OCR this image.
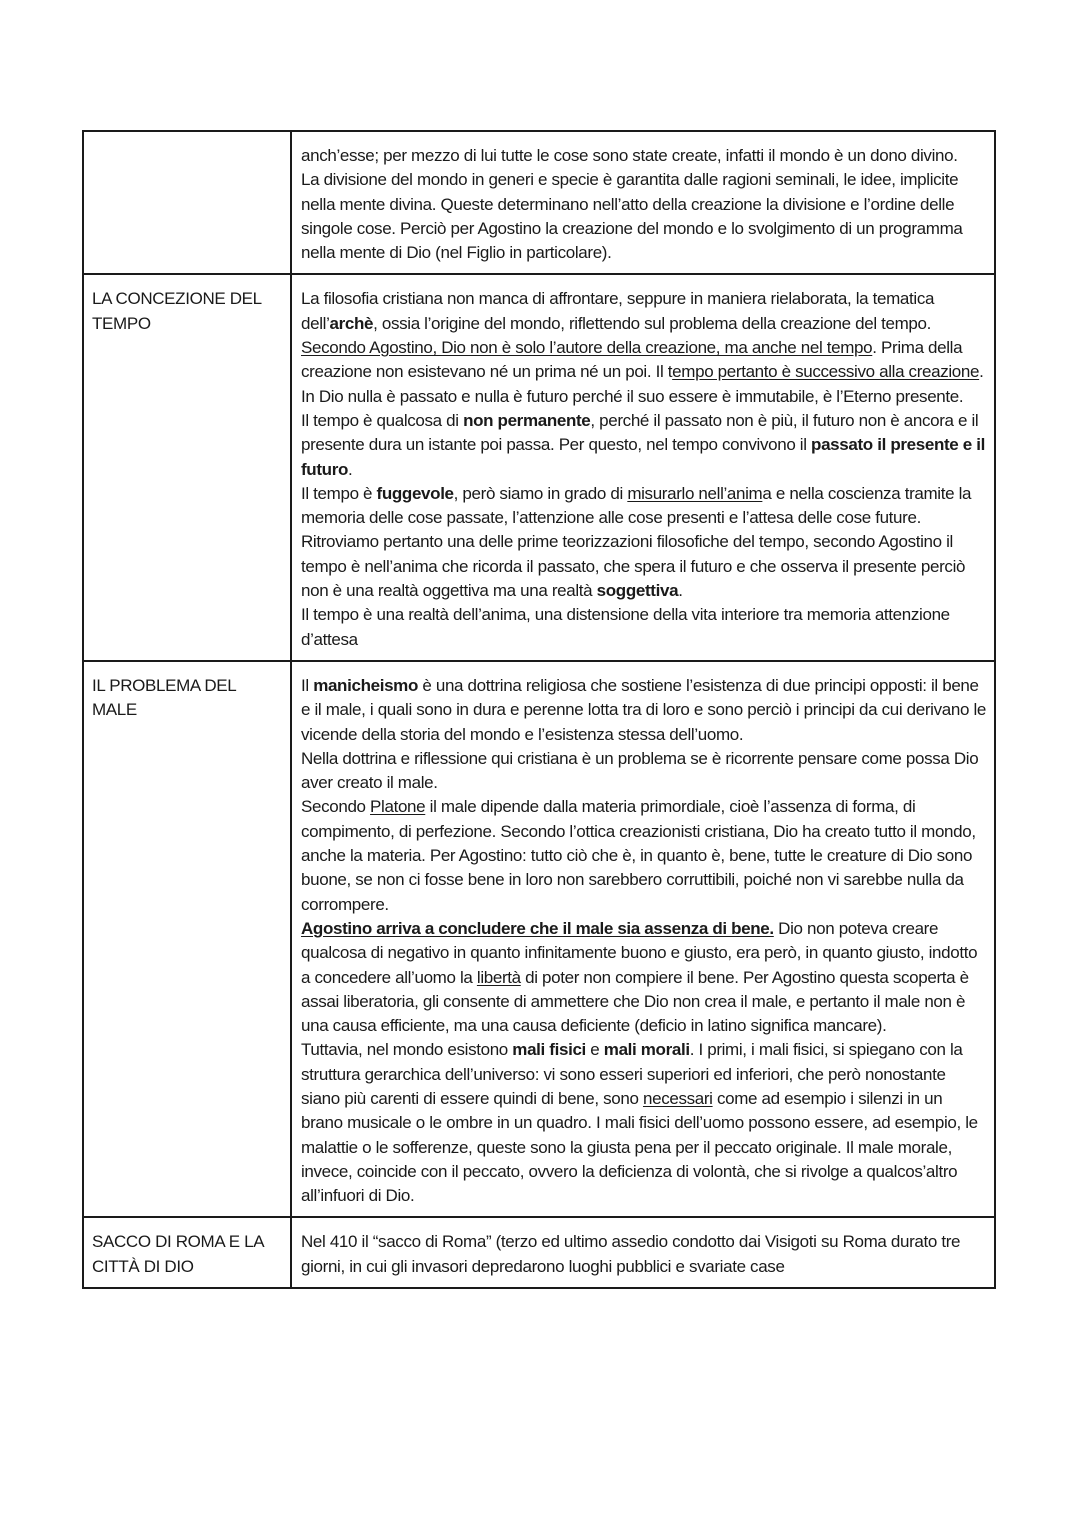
	anch’esse; per mezzo di lui tutte le cose sono state create, infatti il mondo è un dono divino.

La divisione del mondo in generi e specie è garantita dalle ragioni seminali, le idee, implicite nella mente divina. Queste determinano nell’atto della creazione la divisione e l’ordine delle singole cose. Perciò per Agostino la creazione del mondo e lo svolgimento di un programma nella mente di Dio (nel Figlio in particolare).

LA CONCEZIONE DEL TEMPO	La filosofia cristiana non manca di affrontare, seppure in maniera rielaborata, la tematica dell’archè, ossia l’origine del mondo, riflettendo sul problema della creazione del tempo. Secondo Agostino, Dio non è solo l’autore della creazione, ma anche nel tempo. Prima della creazione non esistevano né un prima né un poi. Il tempo pertanto è successivo alla creazione. In Dio nulla è passato e nulla è futuro perché il suo essere è immutabile, è l’Eterno presente.

Il tempo è qualcosa di non permanente, perché il passato non è più, il futuro non è ancora e il presente dura un istante poi passa. Per questo, nel tempo convivono il passato il presente e il futuro.

Il tempo è fuggevole, però siamo in grado di misurarlo nell’anima e nella coscienza tramite la memoria delle cose passate, l’attenzione alle cose presenti e l’attesa delle cose future. Ritroviamo pertanto una delle prime teorizzazioni filosofiche del tempo, secondo Agostino il tempo è nell’anima che ricorda il passato, che spera il futuro e che osserva il presente perciò non è una realtà oggettiva ma una realtà soggettiva.

Il tempo è una realtà dell’anima, una distensione della vita interiore tra memoria attenzione d’attesa

IL PROBLEMA DEL MALE	Il manicheismo è una dottrina religiosa che sostiene l’esistenza di due principi opposti: il bene e il male, i quali sono in dura e perenne lotta tra di loro e sono perciò i principi da cui derivano le vicende della storia del mondo e l’esistenza stessa dell’uomo.

Nella dottrina e riflessione qui cristiana è un problema se è ricorrente pensare come possa Dio aver creato il male.

Secondo Platone il male dipende dalla materia primordiale, cioè l’assenza di forma, di compimento, di perfezione. Secondo l’ottica creazionisti cristiana, Dio ha creato tutto il mondo, anche la materia. Per Agostino: tutto ciò che è, in quanto è, bene, tutte le creature di Dio sono buone, se non ci fosse bene in loro non sarebbero corruttibili, poiché non vi sarebbe nulla da corrompere.

Agostino arriva a concludere che il male sia assenza di bene. Dio non poteva creare qualcosa di negativo in quanto infinitamente buono e giusto, era però, in quanto giusto, indotto a concedere all’uomo la libertà di poter non compiere il bene. Per Agostino questa scoperta è assai liberatoria, gli consente di ammettere che Dio non crea il male, e pertanto il male non è una causa efficiente, ma una causa deficiente (deficio in latino significa mancare).

Tuttavia, nel mondo esistono mali fisici e mali morali. I primi, i mali fisici, si spiegano con la struttura gerarchica dell’universo: vi sono esseri superiori ed inferiori, che però nonostante siano più carenti di essere quindi di bene, sono necessari come ad esempio i silenzi in un brano musicale o le ombre in un quadro. I mali fisici dell’uomo possono essere, ad esempio, le malattie o le sofferenze, queste sono la giusta pena per il peccato originale. Il male morale, invece, coincide con il peccato, ovvero la deficienza di volontà, che si rivolge a qualcos’altro all’infuori di Dio.

SACCO DI ROMA E LA CITTÀ DI DIO	Nel 410 il “sacco di Roma” (terzo ed ultimo assedio condotto dai Visigoti su Roma durato tre giorni, in cui gli invasori depredarono luoghi pubblici e svariate case
